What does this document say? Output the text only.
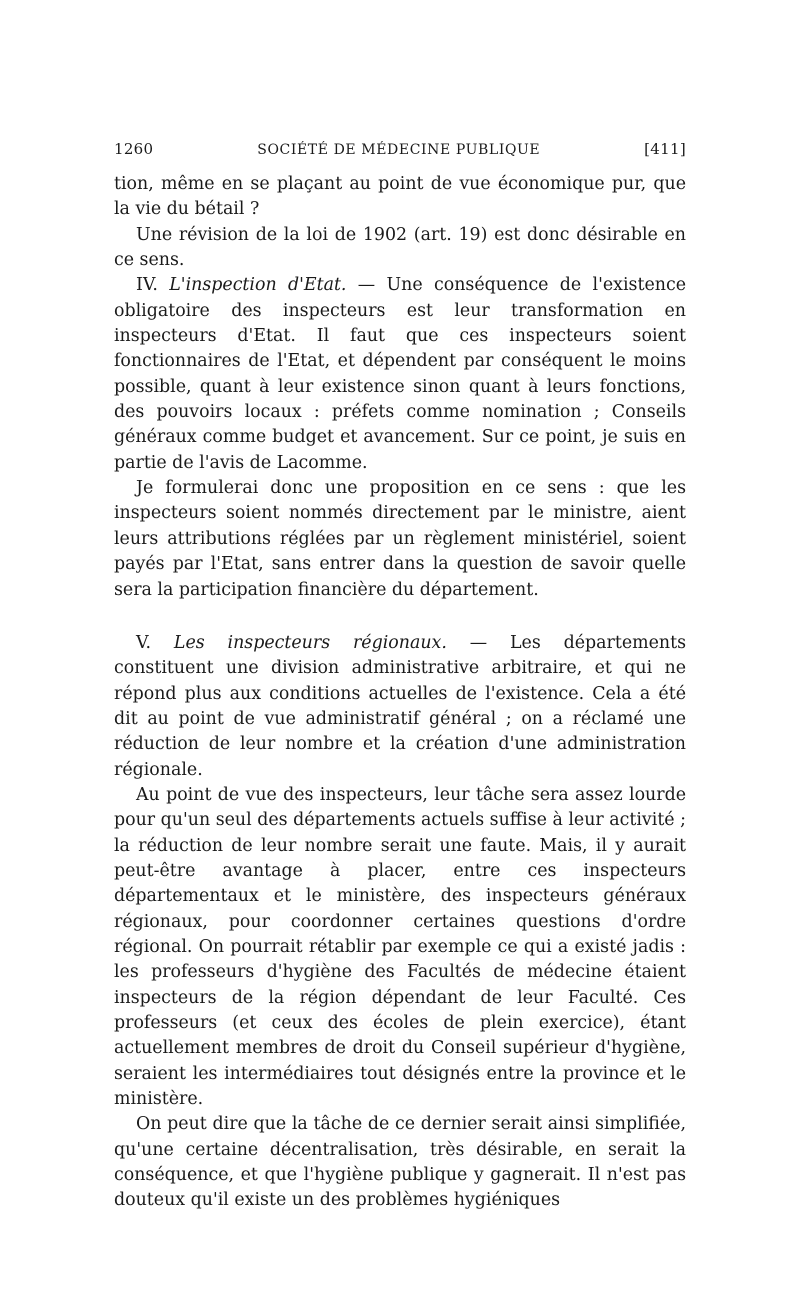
1260	SOCIÉTÉ DE MÉDECINE PUBLIQUE	[411]

tion, même en se plaçant au point de vue économique pur, que la vie du bétail ?

Une révision de la loi de 1902 (art. 19) est donc désirable en ce sens.

IV. L'inspection d'Etat. — Une conséquence de l'existence obligatoire des inspecteurs est leur transformation en inspecteurs d'Etat. Il faut que ces inspecteurs soient fonctionnaires de l'Etat, et dépendent par conséquent le moins possible, quant à leur existence sinon quant à leurs fonctions, des pouvoirs locaux : préfets comme nomination ; Conseils généraux comme budget et avancement. Sur ce point, je suis en partie de l'avis de Lacomme.

Je formulerai donc une proposition en ce sens : que les inspecteurs soient nommés directement par le ministre, aient leurs attributions réglées par un règlement ministériel, soient payés par l'Etat, sans entrer dans la question de savoir quelle sera la participation financière du département.

V. Les inspecteurs régionaux. — Les départements constituent une division administrative arbitraire, et qui ne répond plus aux conditions actuelles de l'existence. Cela a été dit au point de vue administratif général ; on a réclamé une réduction de leur nombre et la création d'une administration régionale.

Au point de vue des inspecteurs, leur tâche sera assez lourde pour qu'un seul des départements actuels suffise à leur activité ; la réduction de leur nombre serait une faute. Mais, il y aurait peut-être avantage à placer, entre ces inspecteurs départementaux et le ministère, des inspecteurs généraux régionaux, pour coordonner certaines questions d'ordre régional. On pourrait rétablir par exemple ce qui a existé jadis : les professeurs d'hygiène des Facultés de médecine étaient inspecteurs de la région dépendant de leur Faculté. Ces professeurs (et ceux des écoles de plein exercice), étant actuellement membres de droit du Conseil supérieur d'hygiène, seraient les intermédiaires tout désignés entre la province et le ministère.

On peut dire que la tâche de ce dernier serait ainsi simplifiée, qu'une certaine décentralisation, très désirable, en serait la conséquence, et que l'hygiène publique y gagnerait. Il n'est pas douteux qu'il existe un des problèmes hygiéniques
